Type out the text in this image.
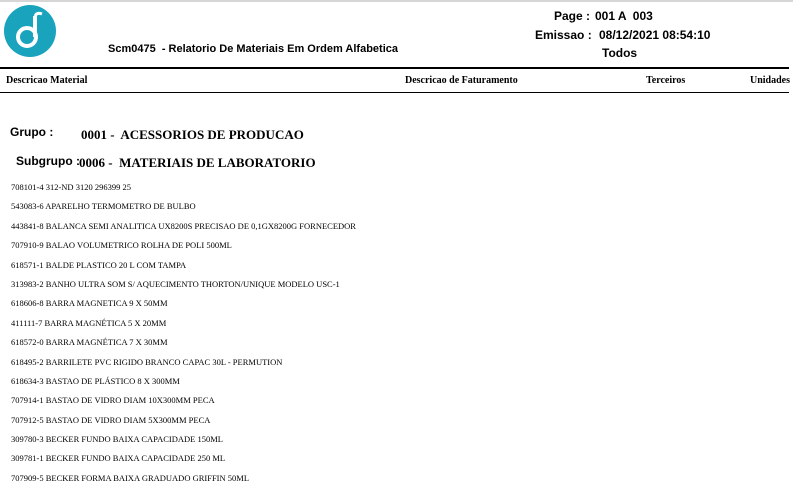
Scm0475  - Relatorio De Materiais Em Ordem Alfabetica
Page : 001 A  003
Emissao : 08/12/2021 08:54:10
Todos
Descricao Material	Descricao de Faturamento	Terceiros	Unidades
Grupo : 0001 -  ACESSORIOS DE PRODUCAO
Subgrupo : 0006 -  MATERIAIS DE LABORATORIO
708101-4 312-ND 3120 296399 25
543083-6 APARELHO TERMOMETRO DE BULBO
443841-8 BALANCA SEMI ANALITICA UX8200S PRECISAO DE 0,1GX8200G FORNECEDOR
707910-9 BALAO VOLUMETRICO ROLHA DE POLI 500ML
618571-1 BALDE PLASTICO 20 L COM TAMPA
313983-2 BANHO ULTRA SOM S/ AQUECIMENTO THORTON/UNIQUE MODELO USC-1
618606-8 BARRA MAGNETICA 9 X 50MM
411111-7 BARRA MAGNÉTICA 5 X 20MM
618572-0 BARRA MAGNÉTICA 7 X 30MM
618495-2 BARRILETE PVC RIGIDO BRANCO CAPAC 30L - PERMUTION
618634-3 BASTAO DE PLÁSTICO 8 X 300MM
707914-1 BASTAO DE VIDRO DIAM 10X300MM PECA
707912-5 BASTAO DE VIDRO DIAM 5X300MM PECA
309780-3 BECKER FUNDO BAIXA CAPACIDADE 150ML
309781-1 BECKER FUNDO BAIXA CAPACIDADE 250 ML
707909-5 BECKER FORMA BAIXA GRADUADO GRIFFIN 50ML
